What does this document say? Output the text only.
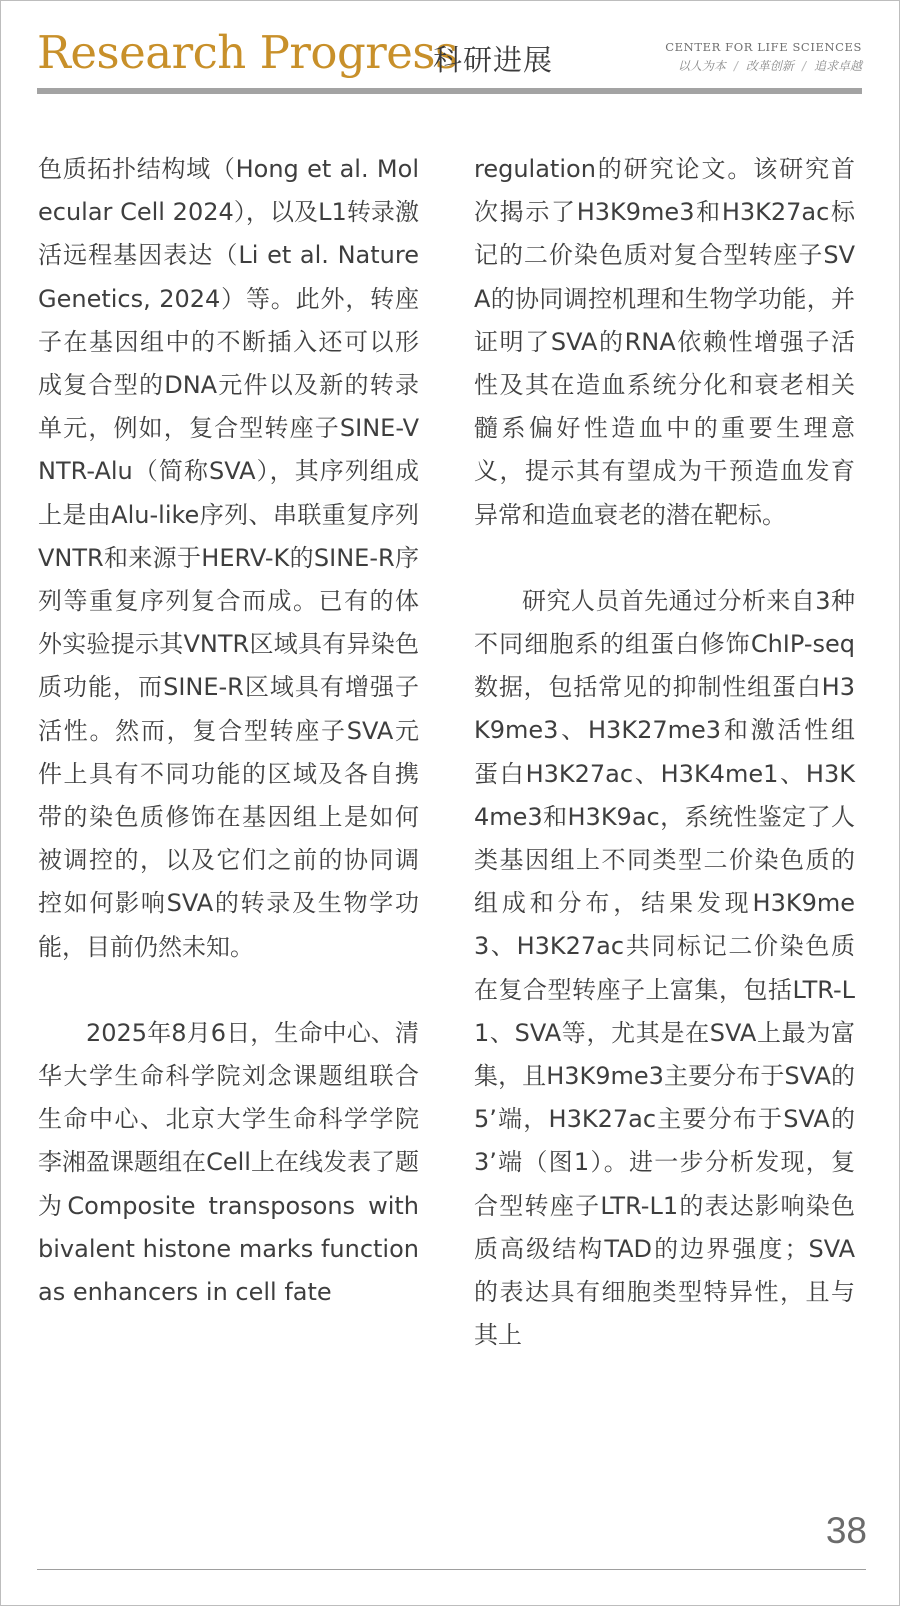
Research Progress
科研进展	CENTER FOR LIFE SCIENCES
以人为本 / 改革创新 / 追求卓越

色质拓扑结构域（Hong et al. Molecular Cell 2024），以及L1转录激活远程基因表达（Li et al. Nature Genetics, 2024）等。此外，转座子在基因组中的不断插入还可以形成复合型的DNA元件以及新的转录单元，例如，复合型转座子SINE-VNTR-Alu（简称SVA），其序列组成上是由Alu-like序列、串联重复序列VNTR和来源于HERV-K的SINE-R序列等重复序列复合而成。已有的体外实验提示其VNTR区域具有异染色质功能，而SINE-R区域具有增强子活性。然而，复合型转座子SVA元件上具有不同功能的区域及各自携带的染色质修饰在基因组上是如何被调控的，以及它们之前的协同调控如何影响SVA的转录及生物学功能，目前仍然未知。

2025年8月6日，生命中心、清华大学生命科学院刘念课题组联合生命中心、北京大学生命科学学院李湘盈课题组在Cell上在线发表了题为Composite transposons with bivalent histone marks function as enhancers in cell fate

regulation的研究论文。该研究首次揭示了H3K9me3和H3K27ac标记的二价染色质对复合型转座子SVA的协同调控机理和生物学功能，并证明了SVA的RNA依赖性增强子活性及其在造血系统分化和衰老相关髓系偏好性造血中的重要生理意义，提示其有望成为干预造血发育异常和造血衰老的潜在靶标。

研究人员首先通过分析来自3种不同细胞系的组蛋白修饰ChIP-seq数据，包括常见的抑制性组蛋白H3K9me3、H3K27me3和激活性组蛋白H3K27ac、H3K4me1、H3K4me3和H3K9ac，系统性鉴定了人类基因组上不同类型二价染色质的组成和分布，结果发现H3K9me3、H3K27ac共同标记二价染色质在复合型转座子上富集，包括LTR-L1、SVA等，尤其是在SVA上最为富集，且H3K9me3主要分布于SVA的5’端，H3K27ac主要分布于SVA的3’端（图1）。进一步分析发现，复合型转座子LTR-L1的表达影响染色质高级结构TAD的边界强度；SVA的表达具有细胞类型特异性，且与其上

38
